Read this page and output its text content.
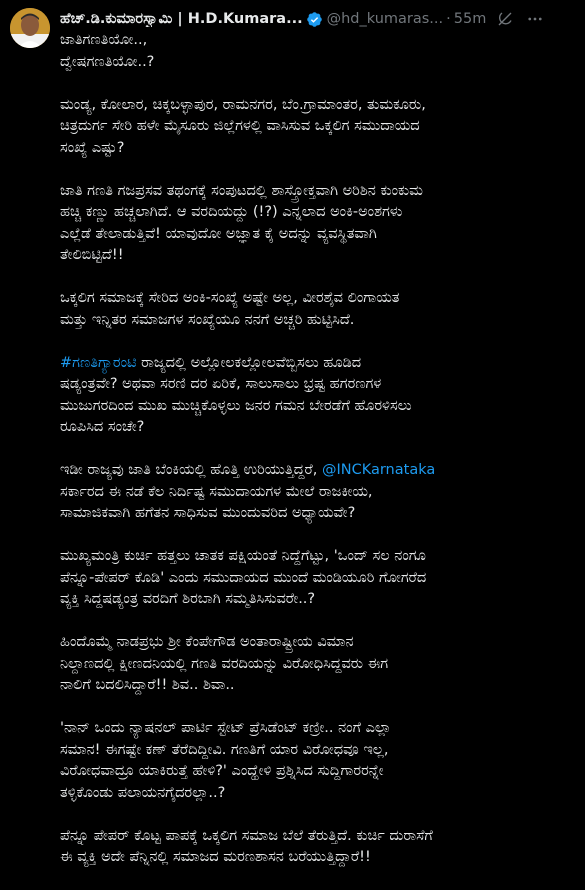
ಹೆಚ್.ಡಿ.ಕುಮಾರಸ್ವಾಮಿ | H.D.Kumara... @hd_kumaras... · 55m

ಜಾತಿಗಣತಿಯೋ..,
ದ್ವೇಷಗಣತಿಯೋ..?

ಮಂಡ್ಯ, ಕೋಲಾರ, ಚಿಕ್ಕಬಳ್ಳಾಪುರ, ರಾಮನಗರ, ಬೆಂ.ಗ್ರಾಮಾಂತರ, ತುಮಕೂರು,
ಚಿತ್ರದುರ್ಗ ಸೇರಿ ಹಳೇ ಮೈಸೂರು ಜಿಲ್ಲೆಗಳಲ್ಲಿ ವಾಸಿಸುವ ಒಕ್ಕಲಿಗ ಸಮುದಾಯದ
ಸಂಖ್ಯೆ ಎಷ್ಟು?

ಜಾತಿ ಗಣತಿ ಗಜಪ್ರಸವ ತಥಂಗಕ್ಕೆ ಸಂಪುಟದಲ್ಲಿ ಶಾಸ್ತ್ರೋಕ್ತವಾಗಿ ಅರಿಶಿನ ಕುಂಕುಮ
ಹಚ್ಚಿ ಕಣ್ಣು ಹಚ್ಚಲಾಗಿದೆ. ಆ ವರದಿಯದ್ದು (!?) ಎನ್ನಲಾದ ಅಂಕಿ-ಅಂಶಗಳು
ಎಲ್ಲೆಡೆ ತೇಲಾಡುತ್ತಿವೆ! ಯಾವುದೋ ಅಜ್ಞಾತ ಕೈ ಅದನ್ನು ವ್ಯವಸ್ಥಿತವಾಗಿ
ತೇಲಿಬಿಟ್ಟಿದೆ!!

ಒಕ್ಕಲಿಗ ಸಮಾಜಕ್ಕೆ ಸೇರಿದ ಅಂಕಿ-ಸಂಖ್ಯೆ ಅಷ್ಟೇ ಅಲ್ಲ, ವೀರಶೈವ ಲಿಂಗಾಯತ
ಮತ್ತು ಇನ್ನಿತರ ಸಮಾಜಗಳ ಸಂಖ್ಯೆಯೂ ನನಗೆ ಅಚ್ಚರಿ ಹುಟ್ಟಿಸಿದೆ.

#ಗಣತಿಗ್ಯಾರಂಟಿ ರಾಜ್ಯದಲ್ಲಿ ಅಲ್ಲೋಲಕಲ್ಲೋಲವೆಬ್ಬಿಸಲು ಹೂಡಿದ
ಷಡ್ಯಂತ್ರವೇ? ಅಥವಾ ಸರಣಿ ದರ ಏರಿಕೆ, ಸಾಲುಸಾಲು ಭ್ರಷ್ಟ ಹಗರಣಗಳ
ಮುಜುಗರದಿಂದ ಮುಖ ಮುಚ್ಚಿಕೊಳ್ಳಲು ಜನರ ಗಮನ ಬೇರಡೆಗೆ ಹೊರಳಿಸಲು
ರೂಪಿಸಿದ ಸಂಚೇ?

ಇಡೀ ರಾಜ್ಯವು ಜಾತಿ ಬೆಂಕಿಯಲ್ಲಿ ಹೊತ್ತಿ ಉರಿಯುತ್ತಿದ್ದರೆ, @INCKarnataka
ಸರ್ಕಾರದ ಈ ನಡೆ ಕೆಲ ನಿರ್ದಿಷ್ಟ ಸಮುದಾಯಗಳ ಮೇಲೆ ರಾಜಕೀಯ,
ಸಾಮಾಜಿಕವಾಗಿ ಹಗೆತನ ಸಾಧಿಸುವ ಮುಂದುವರಿದ ಅಧ್ಯಾಯವೇ?

ಮುಖ್ಯಮಂತ್ರಿ ಕುರ್ಚಿ ಹತ್ತಲು ಚಾತಕ ಪಕ್ಷಿಯಂತೆ ನಿದ್ದೆಗೆಟ್ಟು, 'ಒಂದ್ ಸಲ ನಂಗೂ
ಪೆನ್ನೂ-ಪೇಪರ್ ಕೊಡಿ' ಎಂದು ಸಮುದಾಯದ ಮುಂದೆ ಮಂಡಿಯೂರಿ ಗೋಗರೆದ
ವ್ಯಕ್ತಿ ಸಿದ್ದಷಡ್ಯಂತ್ರ ವರದಿಗೆ ಶಿರಬಾಗಿ ಸಮ್ಮತಿಸಿಸುವರೇ..?

ಹಿಂದೊಮ್ಮೆ ನಾಡಪ್ರಭು ಶ್ರೀ ಕೆಂಪೇಗೌಡ ಅಂತಾರಾಷ್ಟ್ರೀಯ ವಿಮಾನ
ನಿಲ್ದಾಣದಲ್ಲಿ ಕ್ಷೀಣದನಿಯಲ್ಲಿ ಗಣತಿ ವರದಿಯನ್ನು ವಿರೋಧಿಸಿದ್ದವರು ಈಗ
ನಾಲಿಗೆ ಬದಲಿಸಿದ್ದಾರೆ!! ಶಿವ.. ಶಿವಾ..

'ನಾನ್ ಒಂದು ನ್ಯಾಷನಲ್ ಪಾರ್ಟಿ ಸ್ಟೇಟ್ ಪ್ರೆಸಿಡೆಂಟ್ ಕಣ್ರೀ.. ನಂಗೆ ಎಲ್ಲಾ
ಸಮಾನ! ಈಗಷ್ಟೇ ಕಣ್ ತೆರೆದಿದ್ದೀವಿ. ಗಣತಿಗೆ ಯಾರ ವಿರೋಧವೂ ಇಲ್ಲ,
ವಿರೋಧವಾದ್ರೂ ಯಾಕಿರುತ್ತೆ ಹೇಳಿ?' ಎಂದ್ಹೇಳಿ ಪ್ರಶ್ನಿಸಿದ ಸುದ್ದಿಗಾರರನ್ನೇ
ತಳ್ಳಿಕೊಂಡು ಪಲಾಯನಗೈದರಲ್ಲಾ..?

ಪೆನ್ನೂ ಪೇಪರ್ ಕೊಟ್ಟ ಪಾಪಕ್ಕೆ ಒಕ್ಕಲಿಗ ಸಮಾಜ ಬೆಲೆ ತೆರುತ್ತಿದೆ. ಕುರ್ಚಿ ದುರಾಸೆಗೆ
ಈ ವ್ಯಕ್ತಿ ಅದೇ ಪೆನ್ನಿನಲ್ಲಿ ಸಮಾಜದ ಮರಣಶಾಸನ ಬರೆಯುತ್ತಿದ್ದಾರೆ!!
